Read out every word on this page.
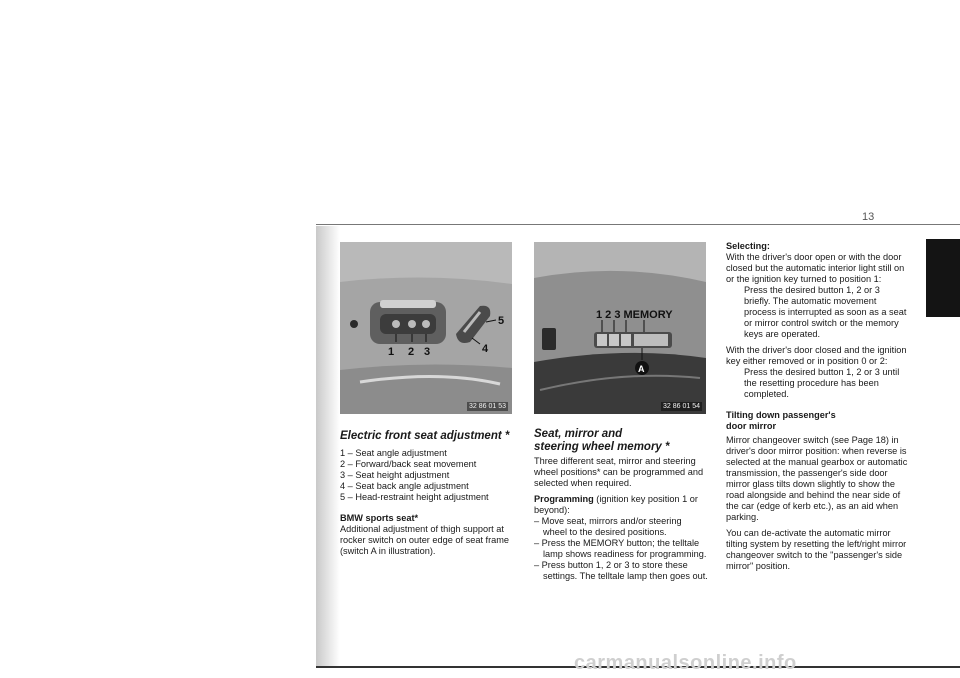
13
1 2 3	4
5
32 86 01 53
1 2 3 MEMORY
A
32 86 01 54
Electric front seat adjustment *
1 – Seat angle adjustment
2 – Forward/back seat movement
3 – Seat height adjustment
4 – Seat back angle adjustment
5 – Head-restraint height adjustment
BMW sports seat*
Additional adjustment of thigh support at rocker switch on outer edge of seat frame (switch A in illustration).
Seat, mirror and
steering wheel memory *

Three different seat, mirror and steering wheel positions* can be programmed and selected when required.

Programming (ignition key position 1 or beyond):
– Move seat, mirrors and/or steering wheel to the desired positions.
– Press the MEMORY button; the telltale lamp shows readiness for programming.
– Press button 1, 2 or 3 to store these settings. The telltale lamp then goes out.
Selecting:
With the driver's door open or with the door closed but the automatic interior light still on or the ignition key turned to position 1:

Press the desired button 1, 2 or 3 briefly. The automatic movement process is interrupted as soon as a seat or mirror control switch or the memory keys are operated.

With the driver's door closed and the ignition key either removed or in position 0 or 2:

Press the desired button 1, 2 or 3 until the resetting procedure has been completed.

Tilting down passenger's
door mirror

Mirror changeover switch (see Page 18) in driver's door mirror position: when reverse is selected at the manual gearbox or automatic transmission, the passenger's side door mirror glass tilts down slightly to show the road alongside and behind the near side of the car (edge of kerb etc.), as an aid when parking.

You can de-activate the automatic mirror tilting system by resetting the left/right mirror changeover switch to the "passenger's side mirror" position.

carmanualsonline.info
